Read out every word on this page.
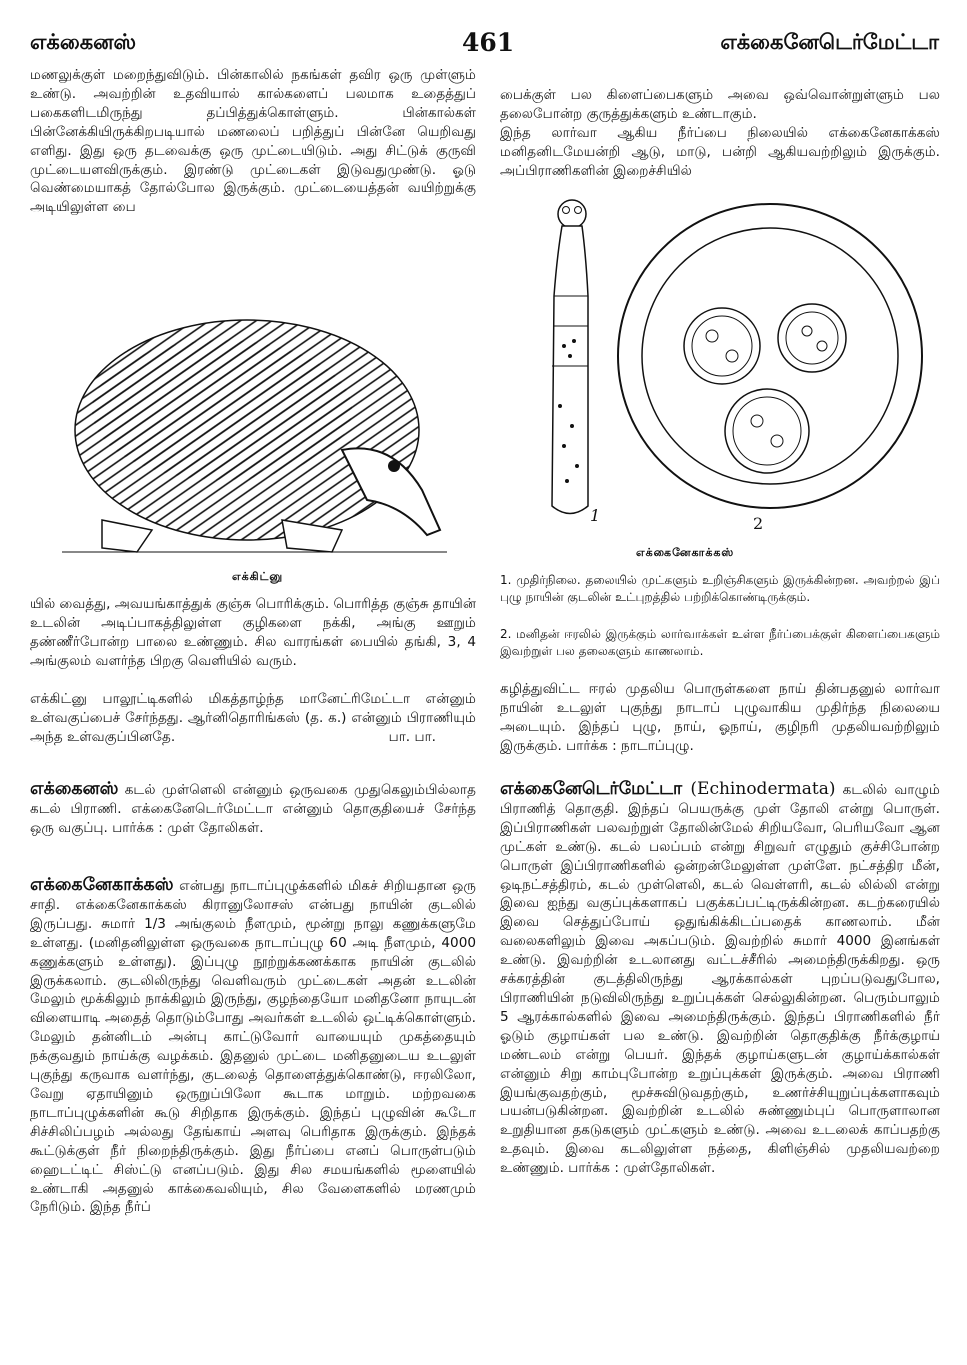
எக்கைனஸ்	461	எக்கைனேடெர்மேட்டா
மணலுக்குள் மறைந்துவிடும். பின்காலில் நகங்கள் தவிர ஒரு முள்ளும் உண்டு. அவற்றின் உதவியால் கால்களைப் பலமாக உதைத்துப் பகைகளிடமிருந்து தப்பித்துக்கொள்ளும். பின்கால்கள் பின்னேக்கியிருக்கிறபடியால் மணலைப் பறித்துப் பின்னே யெறிவது எளிது. இது ஒரு தடவைக்கு ஒரு முட்டையிடும். அது சிட்டுக் குருவி முட்டையளவிருக்கும். இரண்டு முட்டைகள் இடுவதுமுண்டு. ஓடு வெண்மையாகத் தோல்போல இருக்கும். முட்டையைத்தன் வயிற்றுக்கு அடியிலுள்ள பை
எக்கிட்னு
யில் வைத்து, அவயங்காத்துக் குஞ்சு பொரிக்கும். பொரித்த குஞ்சு தாயின் உடலின் அடிப்பாகத்திலுள்ள குழிகளை நக்கி, அங்கு ஊறும் தண்ணீர்போன்ற பாலை உண்ணும். சில வாரங்கள் பையில் தங்கி, 3, 4 அங்குலம் வளர்ந்த பிறகு வெளியில் வரும்.
எக்கிட்னு பாலூட்டிகளில் மிகத்தாழ்ந்த மானேட்ரிமேட்டா என்னும் உள்வகுப்பைச் சேர்ந்தது. ஆர்னிதொரிங்கஸ் (த. க.) என்னும் பிராணியும் அந்த உள்வகுப்பினதே.	பா. பா.
எக்கைனஸ் கடல் முள்ளெலி என்னும் ஒருவகை முதுகெலும்பில்லாத கடல் பிராணி. எக்கைனேடெர்மேட்டா என்னும் தொகுதியைச் சேர்ந்த ஒரு வகுப்பு. பார்க்க : முள் தோலிகள்.
எக்கைனேகாக்கஸ் என்பது நாடாப்புழுக்களில் மிகச் சிறியதான ஒரு சாதி. எக்கைனேகாக்கஸ் கிரானுலோசஸ் என்பது நாயின் குடலில் இருப்பது. சுமார் 1/3 அங்குலம் நீளமும், மூன்று நாலு கணுக்களுமே உள்ளது. (மனிதனிலுள்ள ஒருவகை நாடாப்புழு 60 அடி நீளமும், 4000 கணுக்களும் உள்ளது). இப்புழு நூற்றுக்கணக்காக நாயின் குடலில் இருக்கலாம். குடலிலிருந்து வெளிவரும் முட்டைகள் அதன் உடலின் மேலும் மூக்கிலும் நாக்கிலும் இருந்து, குழந்தையோ மனிதனோ நாயுடன் விளையாடி அதைத் தொடும்போது அவர்கள் உடலில் ஒட்டிக்கொள்ளும். மேலும் தன்னிடம் அன்பு காட்டுவோர் வாயையும் முகத்தையும் நக்குவதும் நாய்க்கு வழக்கம். இதனுல் முட்டை மனிதனுடைய உடலுள் புகுந்து கருவாக வளர்ந்து, குடலைத் தொளைத்துக்கொண்டு, ஈரலிலோ, வேறு ஏதாயினும் ஒருறுப்பிலோ கூடாக மாறும். மற்றவகை நாடாப்புழுக்களின் கூடு சிறிதாக இருக்கும். இந்தப் புழுவின் கூடோ சிச்சிலிப்பழம் அல்லது தேங்காய் அளவு பெரிதாக இருக்கும். இந்தக் கூட்டுக்குள் நீர் நிறைந்திருக்கும். இது நீர்ப்பை எனப் பொருள்படும் ஹைடட்டிட் சிஸ்ட்டு எனப்படும். இது சில சமயங்களில் மூளையில் உண்டாகி அதனுல் காக்கைவலியும், சில வேளைகளில் மரணமும் நேரிடும். இந்த நீர்ப்
பைக்குள் பல கிளைப்பைகளும் அவை ஒவ்வொன்றுள்ளும் பல தலைபோன்ற குருத்துக்களும் உண்டாகும்.
இந்த லார்வா ஆகிய நீர்ப்பை நிலையில் எக்கைனேகாக்கஸ் மனிதனிடமேயன்றி ஆடு, மாடு, பன்றி ஆகியவற்றிலும் இருக்கும். அப்பிராணிகளின் இறைச்சியில்
1	2
எக்கைனேகாக்கஸ்
1. முதிர்நிலை. தலையில் முட்களும் உறிஞ்சிகளும் இருக்கின்றன. அவற்றல் இப் புழு நாயின் குடலின் உட்புறத்தில் பற்றிக்கொண்டிருக்கும்.
2. மனிதன் ஈரலில் இருக்கும் லார்வாக்கள் உள்ள நீர்ப்பைக்குள் கிளைப்பைகளும் இவற்றுள் பல தலைகளும் காணலாம்.
கழித்துவிட்ட ஈரல் முதலிய பொருள்களை நாய் தின்பதனுல் லார்வா நாயின் உடலுள் புகுந்து நாடாப் புழுவாகிய முதிர்ந்த நிலையை அடையும். இந்தப் புழு, நாய், ஓநாய், குழிநரி முதலியவற்றிலும் இருக்கும். பார்க்க : நாடாப்புழு.
எக்கைனேடெர்மேட்டா (Echinodermata) கடலில் வாழும் பிராணித் தொகுதி. இந்தப் பெயருக்கு முள் தோலி என்று பொருள். இப்பிராணிகள் பலவற்றுள் தோலின்மேல் சிறியவோ, பெரியவோ ஆன முட்கள் உண்டு. கடல் பலப்பம் என்று சிறுவர் எழுதும் குச்சிபோன்ற பொருள் இப்பிராணிகளில் ஒன்றன்மேலுள்ள முள்ளே. நட்சத்திர மீன், ஒடிநட்சத்திரம், கடல் முள்ளெலி, கடல் வெள்ளரி, கடல் லில்லி என்று இவை ஐந்து வகுப்புக்களாகப் பகுக்கப்பட்டிருக்கின்றன. கடற்கரையில் இவை செத்துப்போய் ஒதுங்கிக்கிடப்பதைக் காணலாம். மீன் வலைகளிலும் இவை அகப்படும். இவற்றில் சுமார் 4000 இனங்கள் உண்டு. இவற்றின் உடலானது வட்டச்சீரில் அமைந்திருக்கிறது. ஒரு சக்கரத்தின் குடத்திலிருந்து ஆரக்கால்கள் புறப்படுவதுபோல, பிராணியின் நடுவிலிருந்து உறுப்புக்கள் செல்லுகின்றன. பெரும்பாலும் 5 ஆரக்கால்களில் இவை அமைந்திருக்கும். இந்தப் பிராணிகளில் நீர் ஓடும் குழாய்கள் பல உண்டு. இவற்றின் தொகுதிக்கு நீர்க்குழாய் மண்டலம் என்று பெயர். இந்தக் குழாய்களுடன் குழாய்க்கால்கள் என்னும் சிறு காம்புபோன்ற உறுப்புக்கள் இருக்கும். அவை பிராணி இயங்குவதற்கும், மூச்சுவிடுவதற்கும், உணர்ச்சியுறுப்புக்களாகவும் பயன்படுகின்றன. இவற்றின் உடலில் சுண்ணும்புப் பொருளாலான உறுதியான தகடுகளும் முட்களும் உண்டு. அவை உடலைக் காப்பதற்கு உதவும். இவை கடலிலுள்ள நத்தை, கிளிஞ்சில் முதலியவற்றை உண்ணும். பார்க்க : முள்தோலிகள்.
